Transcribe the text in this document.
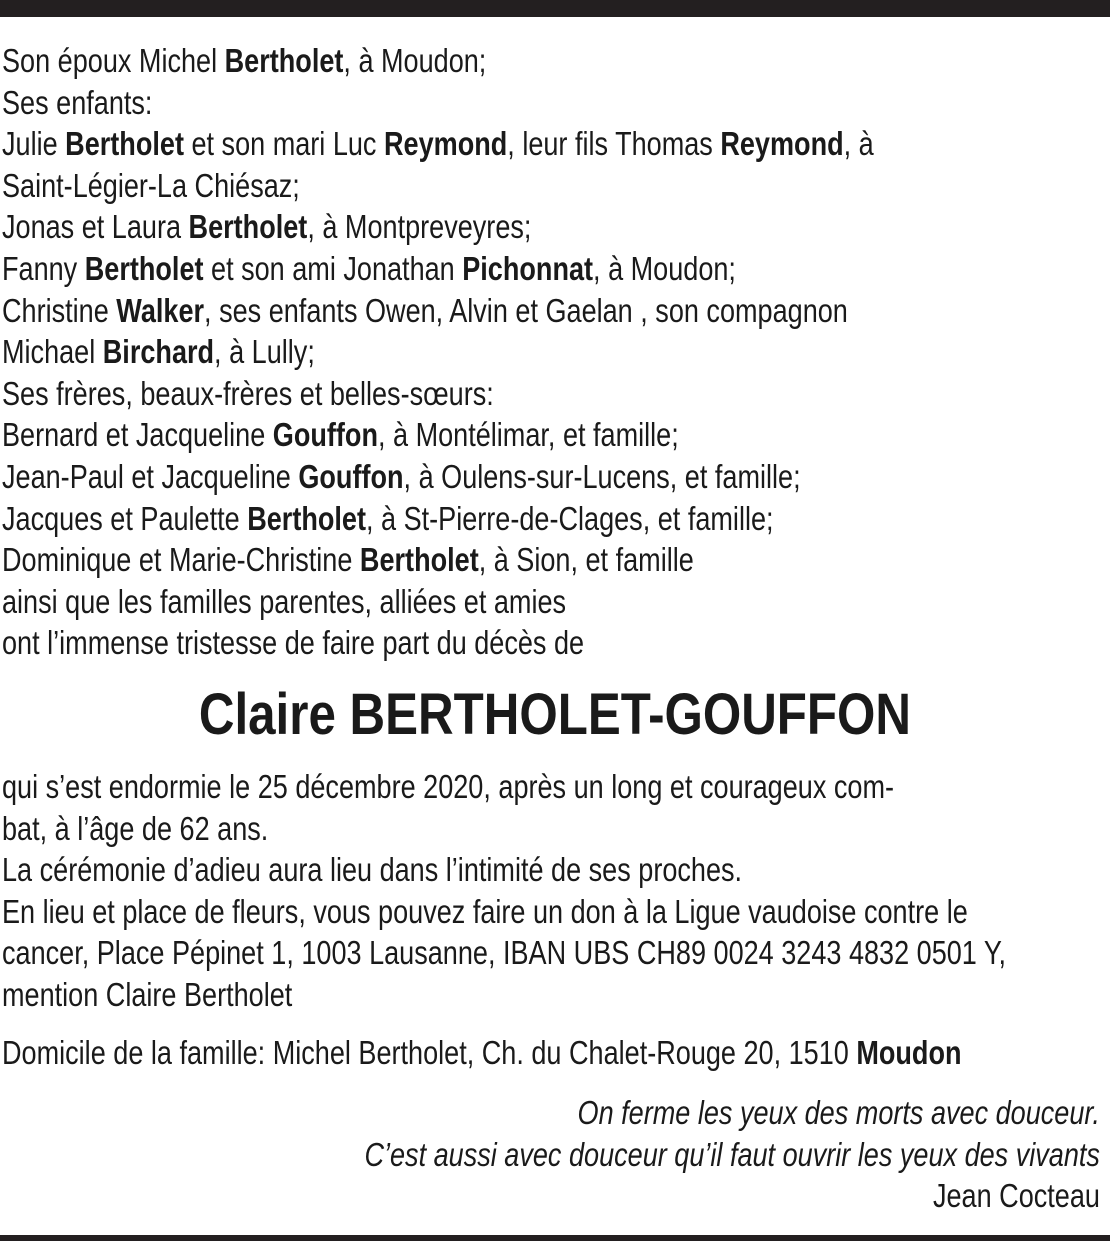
Son époux Michel Bertholet, à Moudon;
Ses enfants:
Julie Bertholet et son mari Luc Reymond, leur fils Thomas Reymond, à
Saint-Légier-La Chiésaz;
Jonas et Laura Bertholet, à Montpreveyres;
Fanny Bertholet et son ami Jonathan Pichonnat, à Moudon;
Christine Walker, ses enfants Owen, Alvin et Gaelan , son compagnon
Michael Birchard, à Lully;
Ses frères, beaux-frères et belles-sœurs:
Bernard et Jacqueline Gouffon, à Montélimar, et famille;
Jean-Paul et Jacqueline Gouffon, à Oulens-sur-Lucens, et famille;
Jacques et Paulette Bertholet, à St-Pierre-de-Clages, et famille;
Dominique et Marie-Christine Bertholet, à Sion, et famille
ainsi que les familles parentes, alliées et amies
ont l’immense tristesse de faire part du décès de
Claire BERTHOLET-GOUFFON
qui s’est endormie le 25 décembre 2020, après un long et courageux com-
bat, à l’âge de 62 ans.
La cérémonie d’adieu aura lieu dans l’intimité de ses proches.
En lieu et place de fleurs, vous pouvez faire un don à la Ligue vaudoise contre le
cancer, Place Pépinet 1, 1003 Lausanne, IBAN UBS CH89 0024 3243 4832 0501 Y,
mention Claire Bertholet
Domicile de la famille: Michel Bertholet, Ch. du Chalet-Rouge 20, 1510 Moudon
On ferme les yeux des morts avec douceur.
C’est aussi avec douceur qu’il faut ouvrir les yeux des vivants
Jean Cocteau
